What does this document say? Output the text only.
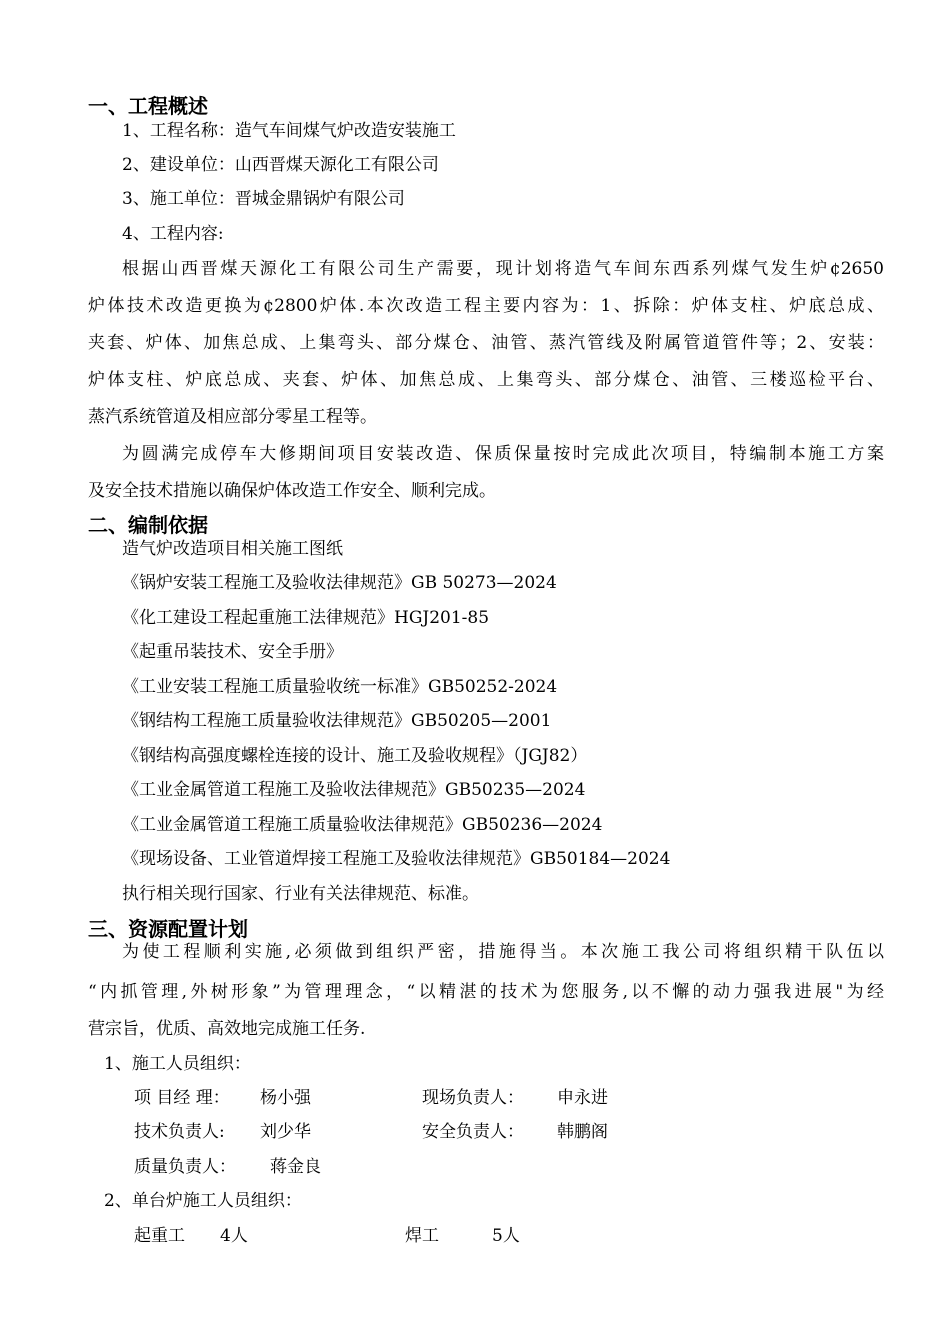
一、工程概述
1、工程名称：造气车间煤气炉改造安装施工
2、建设单位：山西晋煤天源化工有限公司
3、施工单位：晋城金鼎锅炉有限公司
4、工程内容:
根据山西晋煤天源化工有限公司生产需要，现计划将造气车间东西系列煤气发生炉¢2650
炉体技术改造更换为¢2800炉体.本次改造工程主要内容为：1、拆除：炉体支柱、炉底总成、
夹套、炉体、加焦总成、上集弯头、部分煤仓、油管、蒸汽管线及附属管道管件等；2、安装：
炉体支柱、炉底总成、夹套、炉体、加焦总成、上集弯头、部分煤仓、油管、三楼巡检平台、
蒸汽系统管道及相应部分零星工程等。
为圆满完成停车大修期间项目安装改造、保质保量按时完成此次项目，特编制本施工方案
及安全技术措施以确保炉体改造工作安全、顺利完成。
二、编制依据
造气炉改造项目相关施工图纸
《锅炉安装工程施工及验收法律规范》GB 50273—2024
《化工建设工程起重施工法律规范》HGJ201-85
《起重吊装技术、安全手册》
《工业安装工程施工质量验收统一标准》GB50252-2024
《钢结构工程施工质量验收法律规范》GB50205—2001
《钢结构高强度螺栓连接的设计、施工及验收规程》（JGJ82）
《工业金属管道工程施工及验收法律规范》GB50235—2024
《工业金属管道工程施工质量验收法律规范》GB50236—2024
《现场设备、工业管道焊接工程施工及验收法律规范》GB50184—2024
执行相关现行国家、行业有关法律规范、标准。
三、资源配置计划
为使工程顺利实施,必须做到组织严密，措施得当。本次施工我公司将组织精干队伍以
“内抓管理,外树形象”为管理理念，“以精湛的技术为您服务,以不懈的动力强我进展"为经
营宗旨，优质、高效地完成施工任务.
1、施工人员组织：
项 目经 理： 杨小强	现场负责人： 申永进
技术负责人: 刘少华	安全负责人： 韩鹏阁
质量负责人： 蒋金良
2、单台炉施工人员组织：
起重工 4人	焊工	5人
